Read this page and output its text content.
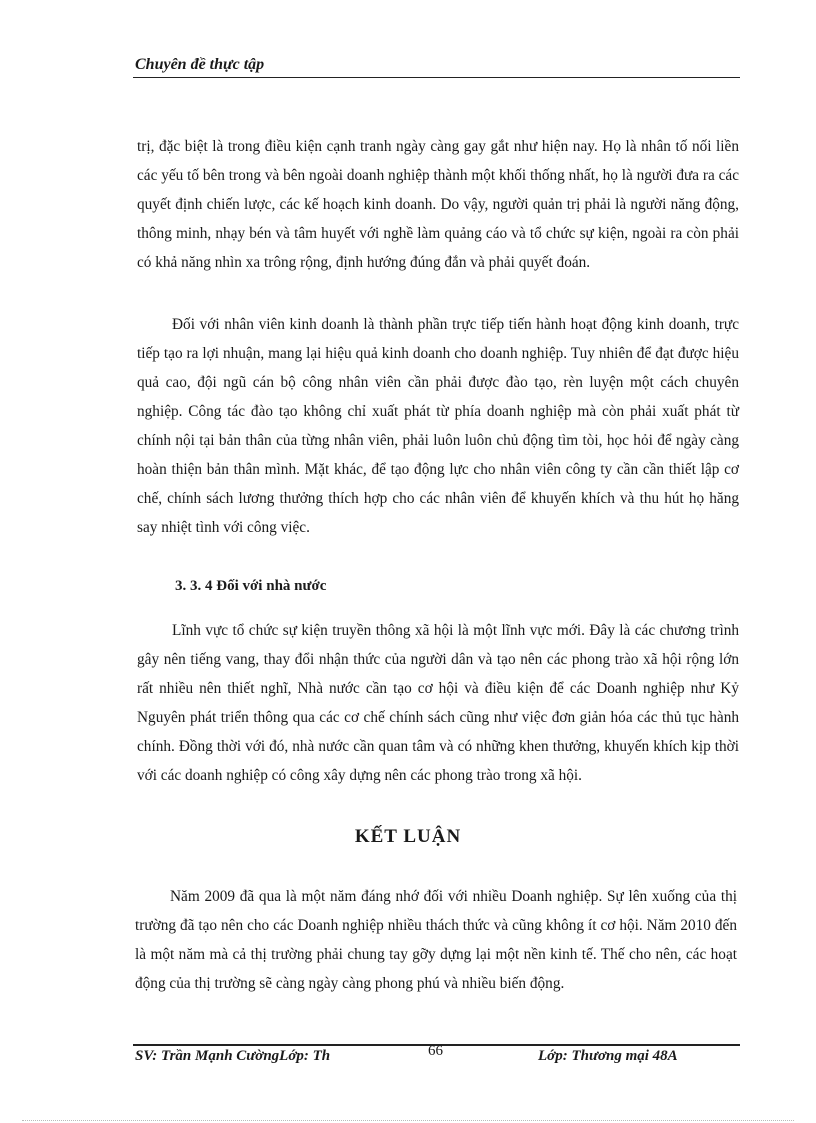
Chuyên đề thực tập

trị, đặc biệt là trong điều kiện cạnh tranh ngày càng gay gắt như hiện nay. Họ là nhân tố nối liền các yếu tố bên trong và bên ngoài doanh nghiệp thành một khối thống nhất, họ là người đưa ra các quyết định chiến lược, các kế hoạch kinh doanh. Do vậy, người quản trị phải là người năng động, thông minh, nhạy bén và tâm huyết với nghề làm quảng cáo và tổ chức sự kiện, ngoài ra còn phải có khả năng nhìn xa trông rộng, định hướng đúng đắn và phải quyết đoán.

Đối với nhân viên kinh doanh là thành phần trực tiếp tiến hành hoạt động kinh doanh, trực tiếp tạo ra lợi nhuận, mang lại hiệu quả kinh doanh cho doanh nghiệp. Tuy nhiên để đạt được hiệu quả cao, đội ngũ cán bộ công nhân viên cần phải được đào tạo, rèn luyện một cách chuyên nghiệp. Công tác đào tạo không chỉ xuất phát từ phía doanh nghiệp mà còn phải xuất phát từ chính nội tại bản thân của từng nhân viên, phải luôn luôn chủ động tìm tòi, học hỏi để ngày càng hoàn thiện bản thân mình. Mặt khác, để tạo động lực cho nhân viên công ty cần cần thiết lập cơ chế, chính sách lương thưởng thích hợp cho các nhân viên để khuyến khích và thu hút họ hăng say nhiệt tình với công việc.

3. 3. 4 Đối với nhà nước

Lĩnh vực tổ chức sự kiện truyền thông xã hội là một lĩnh vực mới. Đây là các chương trình gây nên tiếng vang, thay đổi nhận thức của người dân và tạo nên các phong trào xã hội rộng lớn rất nhiều nên thiết nghĩ, Nhà nước cần tạo cơ hội và điều kiện để các Doanh nghiệp như Kỷ Nguyên phát triển thông qua các cơ chế chính sách cũng như việc đơn giản hóa các thủ tục hành chính. Đồng thời với đó, nhà nước cần quan tâm và có những khen thưởng, khuyến khích kịp thời với các doanh nghiệp có công xây dựng nên các phong trào trong xã hội.

KẾT LUẬN

Năm 2009 đã qua là một năm đáng nhớ đối với nhiều Doanh nghiệp. Sự lên xuống của thị trường đã tạo nên cho các Doanh nghiệp nhiều thách thức và cũng không ít cơ hội. Năm 2010 đến là một năm mà cả thị trường phải chung tay gỡy dựng lại một nền kinh tế. Thế cho nên, các hoạt động của thị trường sẽ càng ngày càng phong phú và nhiều biến động.

SV: Trần Mạnh CườngLớp: Th	66	Lớp: Thương mại 48A
